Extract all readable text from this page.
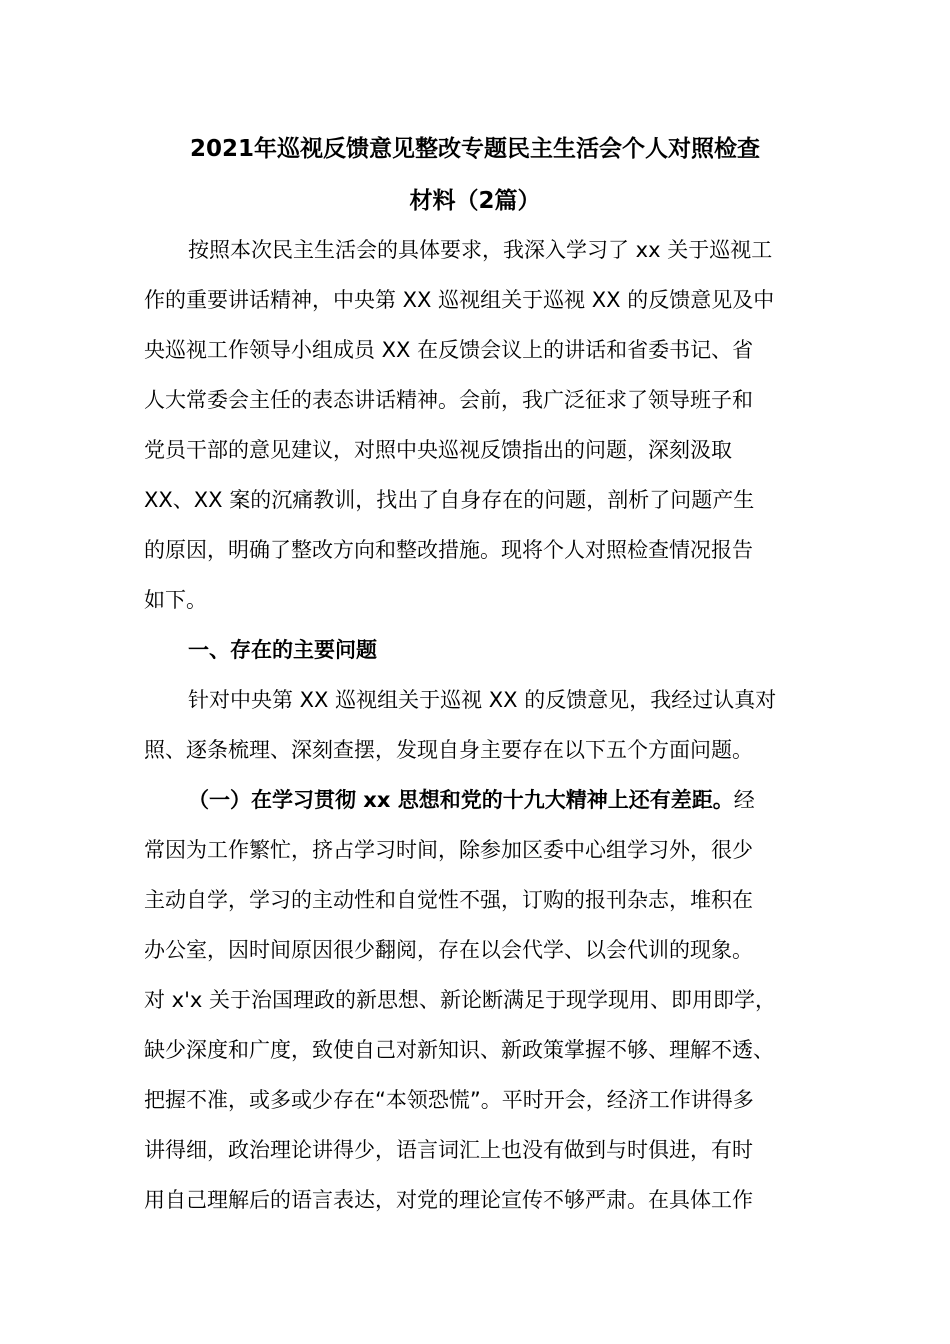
2021年巡视反馈意见整改专题民主生活会个人对照检查
材料（2篇）
按照本次民主生活会的具体要求，我深入学习了 xx 关于巡视工
作的重要讲话精神，中央第 XX 巡视组关于巡视 XX 的反馈意见及中
央巡视工作领导小组成员 XX 在反馈会议上的讲话和省委书记、省
人大常委会主任的表态讲话精神。会前，我广泛征求了领导班子和
党员干部的意见建议，对照中央巡视反馈指出的问题，深刻汲取
XX、XX 案的沉痛教训，找出了自身存在的问题，剖析了问题产生
的原因，明确了整改方向和整改措施。现将个人对照检查情况报告
如下。
一、存在的主要问题
针对中央第 XX 巡视组关于巡视 XX 的反馈意见，我经过认真对
照、逐条梳理、深刻查摆，发现自身主要存在以下五个方面问题。
（一）在学习贯彻 xx 思想和党的十九大精神上还有差距。经
常因为工作繁忙，挤占学习时间，除参加区委中心组学习外，很少
主动自学，学习的主动性和自觉性不强，订购的报刊杂志，堆积在
办公室，因时间原因很少翻阅，存在以会代学、以会代训的现象。
对 x'x 关于治国理政的新思想、新论断满足于现学现用、即用即学，
缺少深度和广度，致使自己对新知识、新政策掌握不够、理解不透、
把握不准，或多或少存在“本领恐慌”。平时开会，经济工作讲得多
讲得细，政治理论讲得少，语言词汇上也没有做到与时俱进，有时
用自己理解后的语言表达，对党的理论宣传不够严肃。在具体工作
